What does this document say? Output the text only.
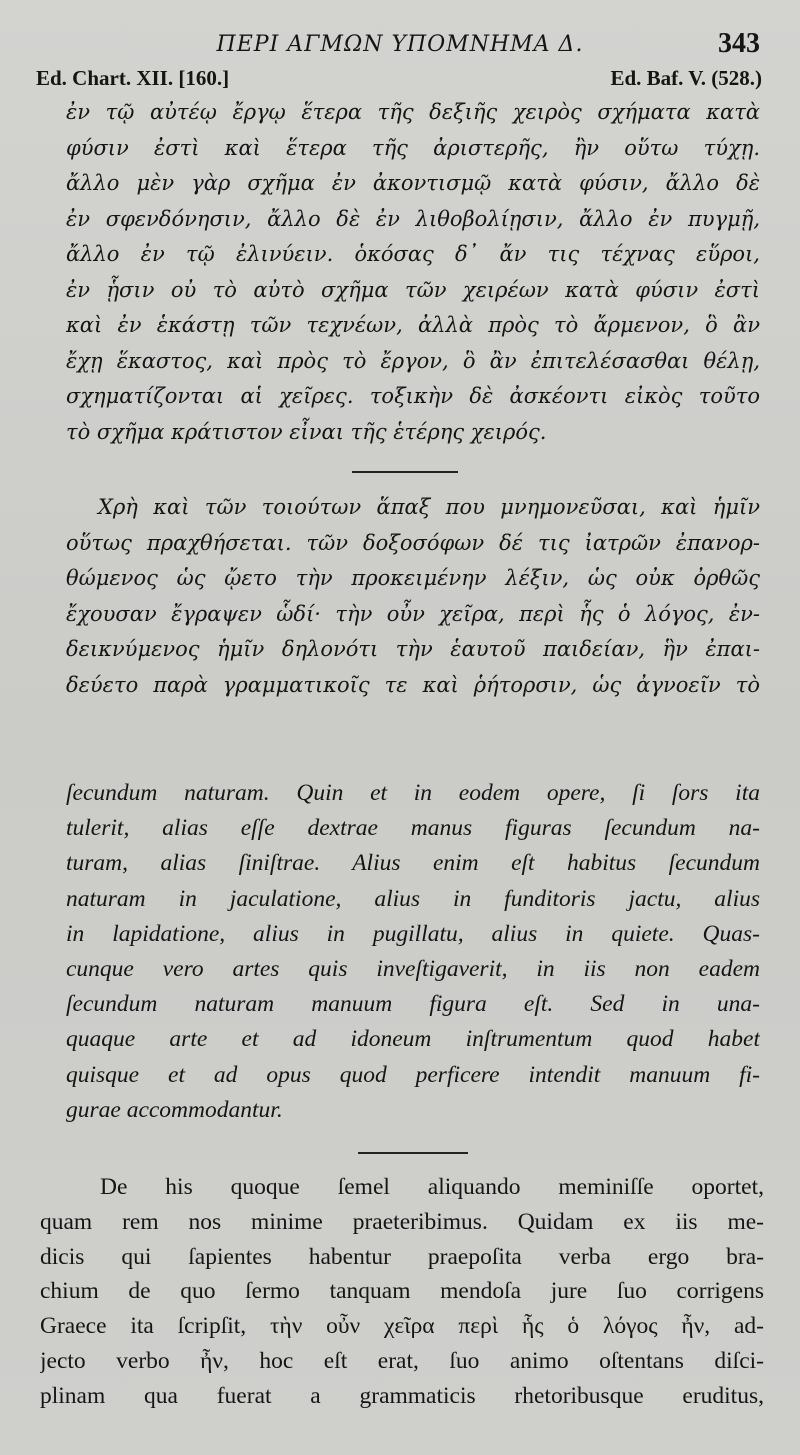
ΠΕΡΙ ΑΓΜΩΝ ΥΠΟΜΝΗΜΑ Δ.	343
Ed. Chart. XII. [160.]	Ed. Baf. V. (528.)
ἐν τῷ αὐτέῳ ἔργῳ ἕτερα τῆς δεξιῆς χειρὸς σχήματα κατὰ
φύσιν ἐστὶ καὶ ἕτερα τῆς ἀριστερῆς, ἢν οὕτω τύχῃ.
ἄλλο μὲν γὰρ σχῆμα ἐν ἀκοντισμῷ κατὰ φύσιν, ἄλλο δὲ
ἐν σφενδόνησιν, ἄλλο δὲ ἐν λιθοβολίῃσιν, ἄλλο ἐν πυγμῇ,
ἄλλο ἐν τῷ ἐλινύειν. ὁκόσας δ᾽ ἄν τις τέχνας εὕροι,
ἐν ᾗσιν οὐ τὸ αὐτὸ σχῆμα τῶν χειρέων κατὰ φύσιν ἐστὶ
καὶ ἐν ἑκάστῃ τῶν τεχνέων, ἀλλὰ πρὸς τὸ ἄρμενον, ὃ ἂν
ἔχῃ ἕκαστος, καὶ πρὸς τὸ ἔργον, ὃ ἂν ἐπιτελέσασθαι θέλῃ,
σχηματίζονται αἱ χεῖρες. τοξικὴν δὲ ἀσκέοντι εἰκὸς τοῦτο
τὸ σχῆμα κράτιστον εἶναι τῆς ἑτέρης χειρός.
Χρὴ καὶ τῶν τοιούτων ἅπαξ που μνημονεῦσαι, καὶ ἡμῖν
οὕτως πραχθήσεται. τῶν δοξοσόφων δέ τις ἰατρῶν ἐπανορ-
θώμενος ὡς ᾤετο τὴν προκειμένην λέξιν, ὡς οὐκ ὀρθῶς
ἔχουσαν ἔγραψεν ὧδί· τὴν οὖν χεῖρα, περὶ ἧς ὁ λόγος, ἐν-
δεικνύμενος ἡμῖν δηλονότι τὴν ἑαυτοῦ παιδείαν, ἣν ἐπαι-
δεύετο παρὰ γραμματικοῖς τε καὶ ῥήτορσιν, ὡς ἀγνοεῖν τὸ
ſecundum naturam. Quin et in eodem opere, ſi ſors ita
tulerit, alias eſſe dextrae manus figuras ſecundum na-
turam, alias ſiniſtrae. Alius enim eſt habitus ſecundum
naturam in jaculatione, alius in funditoris jactu, alius
in lapidatione, alius in pugillatu, alius in quiete. Quas-
cunque vero artes quis inveſtigaverit, in iis non eadem
ſecundum naturam manuum figura eſt. Sed in una-
quaque arte et ad idoneum inſtrumentum quod habet
quisque et ad opus quod perficere intendit manuum fi-
gurae accommodantur.
De his quoque ſemel aliquando meminiſſe oportet,
quam rem nos minime praeteribimus. Quidam ex iis me-
dicis qui ſapientes habentur praepoſita verba ergo bra-
chium de quo ſermo tanquam mendoſa jure ſuo corrigens
Graece ita ſcripſit, τὴν οὖν χεῖρα περὶ ἧς ὁ λόγος ἦν, ad-
jecto verbo ἦν, hoc eſt erat, ſuo animo oſtentans diſci-
plinam qua fuerat a grammaticis rhetoribusque eruditus,
